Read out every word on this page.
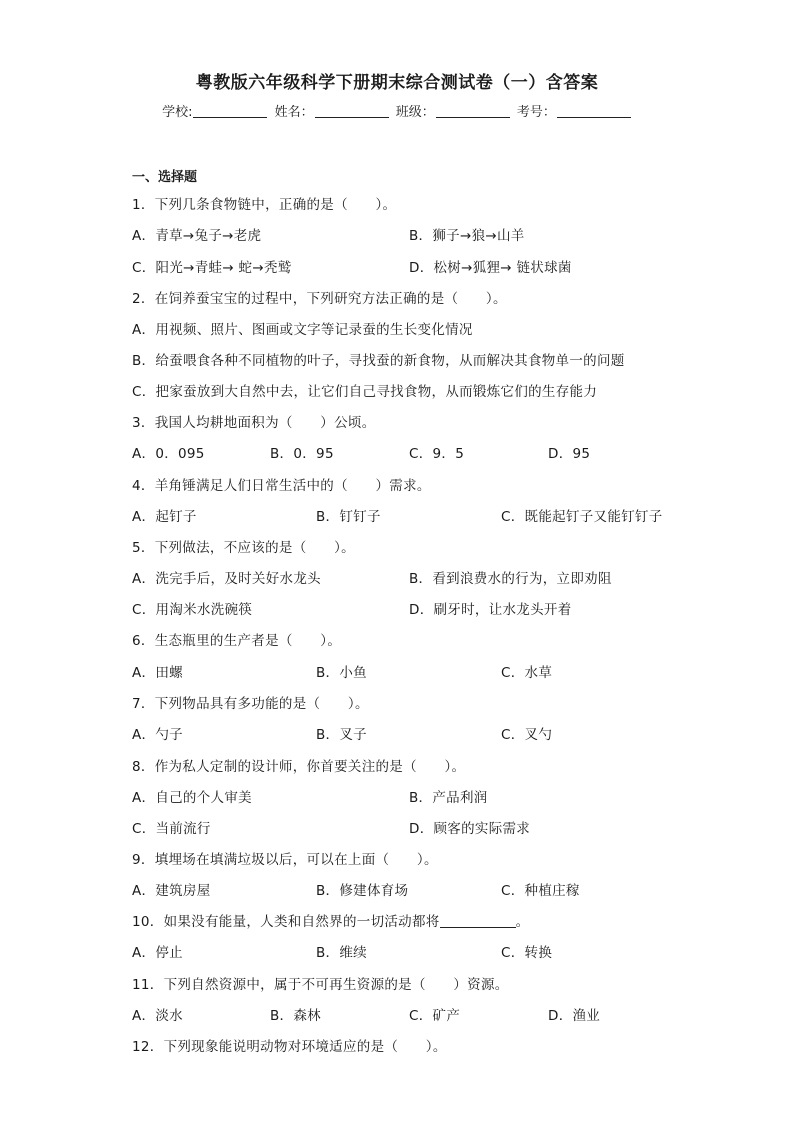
粤教版六年级科学下册期末综合测试卷（一）含答案
学校:	姓名：	班级：	考号：
一、选择题
1．下列几条食物链中，正确的是（　　）。
A．青草→兔子→老虎	B．狮子→狼→山羊
C．阳光→青蛙→ 蛇→秃鹫	D．松树→狐狸→ 链状球菌
2．在饲养蚕宝宝的过程中，下列研究方法正确的是（　　）。
A．用视频、照片、图画或文字等记录蚕的生长变化情况
B．给蚕喂食各种不同植物的叶子，寻找蚕的新食物，从而解决其食物单一的问题
C．把家蚕放到大自然中去，让它们自己寻找食物，从而锻炼它们的生存能力
3．我国人均耕地面积为（　　）公顷。
A．0．095	B．0．95	C．9．5	D．95
4．羊角锤满足人们日常生活中的（　　）需求。
A．起钉子	B．钉钉子	C．既能起钉子又能钉钉子
5．下列做法，不应该的是（　　）。
A．洗完手后，及时关好水龙头	B．看到浪费水的行为，立即劝阻
C．用淘米水洗碗筷	D．刷牙时，让水龙头开着
6．生态瓶里的生产者是（　　）。
A．田螺	B．小鱼	C．水草
7．下列物品具有多功能的是（　　）。
A．勺子	B．叉子	C．叉勺
8．作为私人定制的设计师，你首要关注的是（　　）。
A．自己的个人审美	B．产品利润
C．当前流行	D．顾客的实际需求
9．填埋场在填满垃圾以后，可以在上面（　　）。
A．建筑房屋	B．修建体育场	C．种植庄稼
10．如果没有能量，人类和自然界的一切活动都将	。
A．停止	B．维续	C．转换
11．下列自然资源中，属于不可再生资源的是（　　）资源。
A．淡水	B．森林	C．矿产	D．渔业
12．下列现象能说明动物对环境适应的是（　　）。
